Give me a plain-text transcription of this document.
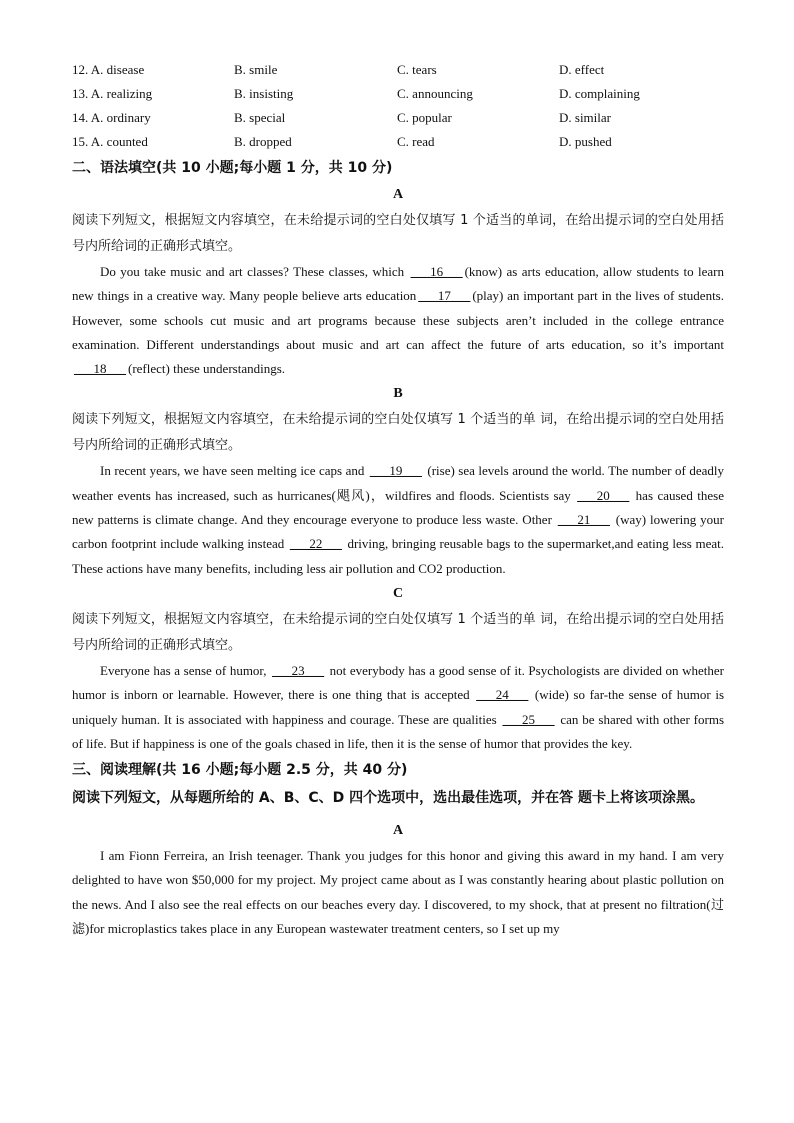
12. A. disease	B. smile	C. tears	D. effect
13. A. realizing	B. insisting	C. announcing	D. complaining
14. A. ordinary	B. special	C. popular	D. similar
15. A. counted	B. dropped	C. read	D. pushed
二、语法填空(共 10 小题;每小题 1 分，共 10 分)
A
阅读下列短文，根据短文内容填空，在未给提示词的空白处仅填写 1 个适当的单词，在给出提示词的空白处用括号内所给词的正确形式填空。
Do you take music and art classes? These classes, which ___16___ (know) as arts education, allow students to learn new things in a creative way. Many people believe arts education ___17___ (play) an important part in the lives of students. However, some schools cut music and art programs because these subjects aren’t included in the college entrance examination. Different understandings about music and art can affect the future of arts education, so it’s important ___18___ (reflect) these understandings.
B
阅读下列短文，根据短文内容填空，在未给提示词的空白处仅填写 1 个适当的单 词，在给出提示词的空白处用括号内所给词的正确形式填空。
In recent years, we have seen melting ice caps and ___19___ (rise) sea levels around the world. The number of deadly weather events has increased, such as hurricanes(飓风)，wildfires and floods. Scientists say ___20___ has caused these new patterns is climate change. And they encourage everyone to produce less waste. Other ___21___ (way) lowering your carbon footprint include walking instead ___22___ driving, bringing reusable bags to the supermarket,and eating less meat. These actions have many benefits, including less air pollution and CO2 production.
C
阅读下列短文，根据短文内容填空，在未给提示词的空白处仅填写 1 个适当的单 词，在给出提示词的空白处用括号内所给词的正确形式填空。
Everyone has a sense of humor, ___23___ not everybody has a good sense of it. Psychologists are divided on whether humor is inborn or learnable. However, there is one thing that is accepted ___24___ (wide) so far-the sense of humor is uniquely human. It is associated with happiness and courage. These are qualities ___25___ can be shared with other forms of life. But if happiness is one of the goals chased in life, then it is the sense of humor that provides the key.
三、阅读理解(共 16 小题;每小题 2.5 分，共 40 分)
阅读下列短文，从每题所给的 A、B、C、D 四个选项中，选出最佳选项，并在答 题卡上将该项涂黑。
A
I am Fionn Ferreira, an Irish teenager. Thank you judges for this honor and giving this award in my hand. I am very delighted to have won $50,000 for my project. My project came about as I was constantly hearing about plastic pollution on the news. And I also see the real effects on our beaches every day. I discovered, to my shock, that at present no filtration(过滤)for microplastics takes place in any European wastewater treatment centers, so I set up my
